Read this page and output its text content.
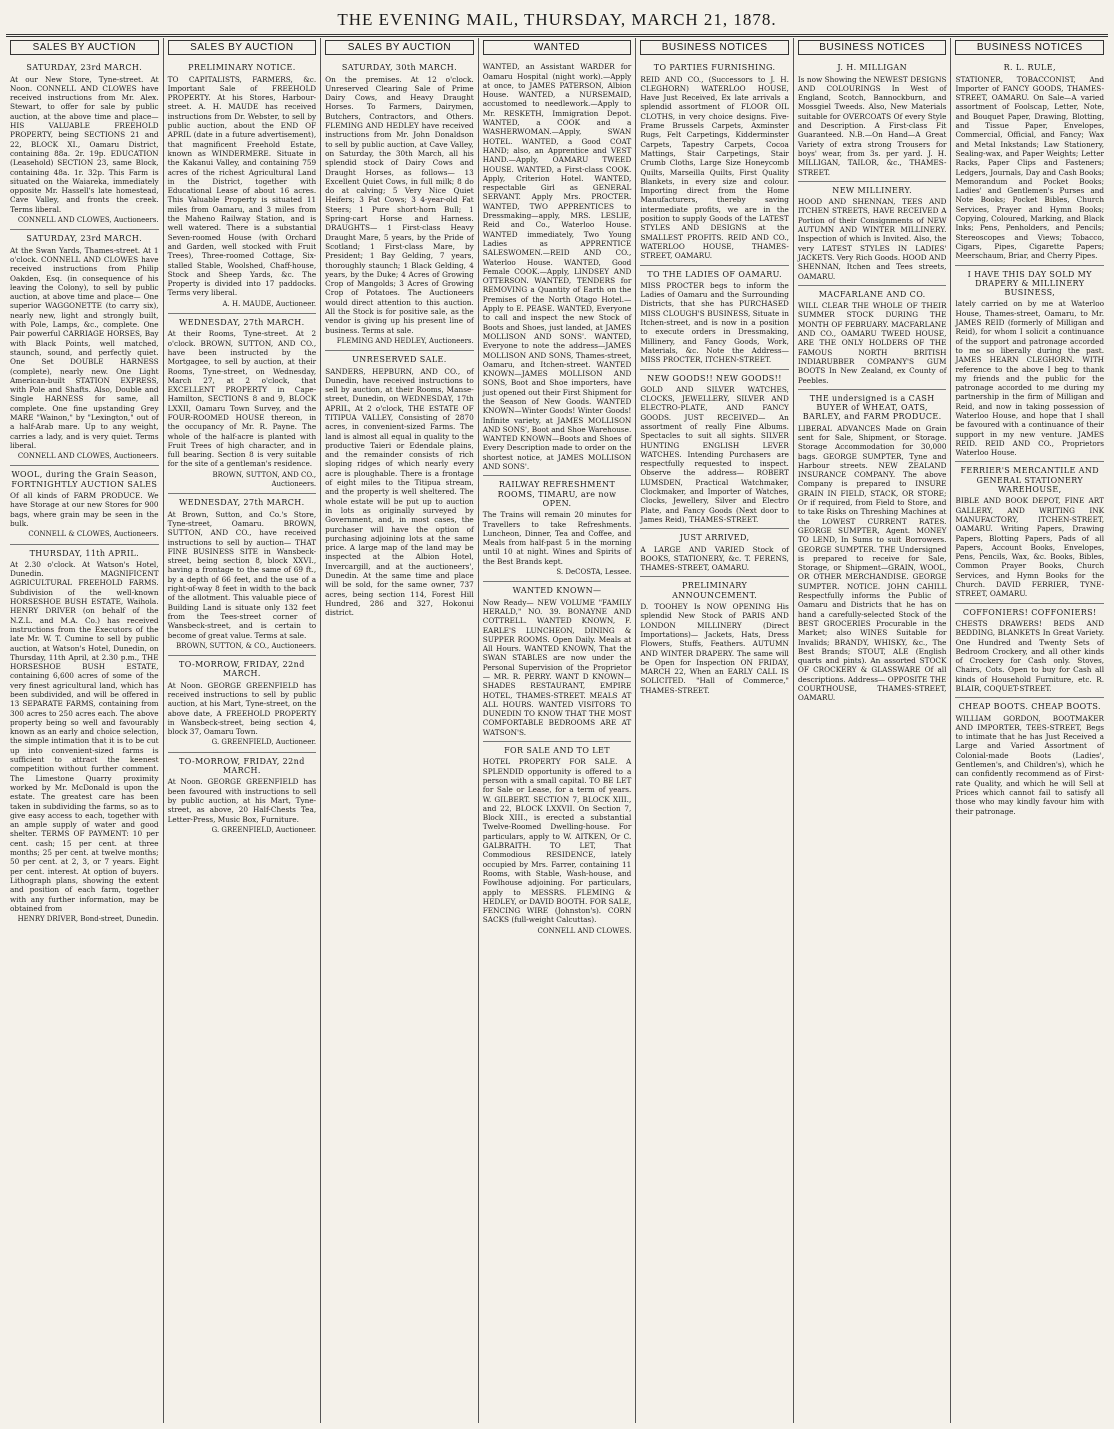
THE EVENING MAIL, THURSDAY, MARCH 21, 1878.
SALES BY AUCTION
SATURDAY, 23rd MARCH.
At our New Store, Tyne-street. At Noon. CONNELL AND CLOWES have received instructions from Mr. Alex. Stewart, to offer for sale by public auction, at the above time and place— HIS VALUABLE FREEHOLD PROPERTY, being SECTIONS 21 and 22, BLOCK XI., Oamaru District, containing 88a. 2r. 19p. EDUCATION (Leasehold) SECTION 23, same Block, containing 48a. 1r. 32p. This Farm is situated on the Waiareka, immediately opposite Mr. Hassell's late homestead, Cave Valley, and fronts the creek. Terms liberal.
CONNELL AND CLOWES, Auctioneers.
SATURDAY, 23rd MARCH.
At the Swan Yards, Thames-street. At 1 o'clock. CONNELL AND CLOWES have received instructions from Philip Oakden, Esq. (in consequence of his leaving the Colony), to sell by public auction, at above time and place— One superior WAGGONETTE (to carry six), nearly new, light and strongly built, with Pole, Lamps, &c., complete. One Pair powerful CARRIAGE HORSES, Bay with Black Points, well matched, staunch, sound, and perfectly quiet. One Set DOUBLE HARNESS (complete), nearly new. One Light American-built STATION EXPRESS, with Pole and Shafts. Also, Double and Single HARNESS for same, all complete. One fine upstanding Grey MARE "Wainon," by "Lexington," out of a half-Arab mare. Up to any weight, carries a lady, and is very quiet. Terms liberal.
CONNELL AND CLOWES, Auctioneers.
WOOL, during the Grain Season, FORTNIGHTLY AUCTION SALES
Of all kinds of FARM PRODUCE. We have Storage at our new Stores for 900 bags, where grain may be seen in the bulk.
CONNELL & CLOWES, Auctioneers.
THURSDAY, 11th APRIL.
At 2.30 o'clock. At Watson's Hotel, Dunedin. MAGNIFICENT AGRICULTURAL FREEHOLD FARMS. Subdivision of the well-known HORSESHOE BUSH ESTATE, Waihola. HENRY DRIVER (on behalf of the N.Z.L. and M.A. Co.) has received instructions from the Executors of the late Mr. W. T. Cumine to sell by public auction, at Watson's Hotel, Dunedin, on Thursday, 11th April, at 2.30 p.m., THE HORSESHOE BUSH ESTATE, containing 6,600 acres of some of the very finest agricultural land, which has been subdivided, and will be offered in 13 SEPARATE FARMS, containing from 300 acres to 250 acres each. The above property being so well and favourably known as an early and choice selection, the simple intimation that it is to be cut up into convenient-sized farms is sufficient to attract the keenest competition without further comment. The Limestone Quarry proximity worked by Mr. McDonald is upon the estate. The greatest care has been taken in subdividing the farms, so as to give easy access to each, together with an ample supply of water and good shelter. TERMS OF PAYMENT: 10 per cent. cash; 15 per cent. at three months; 25 per cent. at twelve months; 50 per cent. at 2, 3, or 7 years. Eight per cent. interest. At option of buyers. Lithograph plans, showing the extent and position of each farm, together with any further information, may be obtained from
HENRY DRIVER, Bond-street, Dunedin.
SALES BY AUCTION
PRELIMINARY NOTICE.
TO CAPITALISTS, FARMERS, &c. Important Sale of FREEHOLD PROPERTY. At his Stores, Harbour-street. A. H. MAUDE has received instructions from Dr. Webster, to sell by public auction, about the END OF APRIL (date in a future advertisement), that magnificent Freehold Estate, known as WINDERMERE. Situate in the Kakanui Valley, and containing 759 acres of the richest Agricultural Land in the District, together with Educational Lease of about 16 acres. This Valuable Property is situated 11 miles from Oamaru, and 3 miles from the Maheno Railway Station, and is well watered. There is a substantial Seven-roomed House (with Orchard and Garden, well stocked with Fruit Trees), Three-roomed Cottage, Six-stalled Stable, Woolshed, Chaff-house, Stock and Sheep Yards, &c. The Property is divided into 17 paddocks. Terms very liberal.
A. H. MAUDE, Auctioneer.
WEDNESDAY, 27th MARCH.
At their Rooms, Tyne-street. At 2 o'clock. BROWN, SUTTON, AND CO., have been instructed by the Mortgagee, to sell by auction, at their Rooms, Tyne-street, on Wednesday, March 27, at 2 o'clock, that EXCELLENT PROPERTY in Cape-Hamilton, SECTIONS 8 and 9, BLOCK LXXII, Oamaru Town Survey, and the FOUR-ROOMED HOUSE thereon, in the occupancy of Mr. R. Payne. The whole of the half-acre is planted with Fruit Trees of high character, and in full bearing. Section 8 is very suitable for the site of a gentleman's residence.
BROWN, SUTTON, AND CO., Auctioneers.
WEDNESDAY, 27th MARCH.
At Brown, Sutton, and Co.'s Store, Tyne-street, Oamaru. BROWN, SUTTON, AND CO., have received instructions to sell by auction— THAT FINE BUSINESS SITE in Wansbeck-street, being section 8, block XXVI., having a frontage to the same of 69 ft., by a depth of 66 feet, and the use of a right-of-way 8 feet in width to the back of the allotment. This valuable piece of Building Land is situate only 132 feet from the Tees-street corner of Wansbeck-street, and is certain to become of great value. Terms at sale.
BROWN, SUTTON, & CO., Auctioneers.
TO-MORROW, FRIDAY, 22nd MARCH.
At Noon. GEORGE GREENFIELD has received instructions to sell by public auction, at his Mart, Tyne-street, on the above date, A FREEHOLD PROPERTY in Wansbeck-street, being section 4, block 37, Oamaru Town.
G. GREENFIELD, Auctioneer.
TO-MORROW, FRIDAY, 22nd MARCH.
At Noon. GEORGE GREENFIELD has been favoured with instructions to sell by public auction, at his Mart, Tyne-street, as above, 20 Half-Chests Tea, Letter-Press, Music Box, Furniture.
G. GREENFIELD, Auctioneer.
SALES BY AUCTION
SATURDAY, 30th MARCH.
On the premises. At 12 o'clock. Unreserved Clearing Sale of Prime Dairy Cows, and Heavy Draught Horses. To Farmers, Dairymen, Butchers, Contractors, and Others. FLEMING AND HEDLEY have received instructions from Mr. John Donaldson to sell by public auction, at Cave Valley, on Saturday, the 30th March, all his splendid stock of Dairy Cows and Draught Horses, as follows— 13 Excellent Quiet Cows, in full milk; 8 do do at calving; 5 Very Nice Quiet Heifers; 3 Fat Cows; 3 4-year-old Fat Steers; 1 Pure short-horn Bull; 1 Spring-cart Horse and Harness. DRAUGHTS— 1 First-class Heavy Draught Mare, 5 years, by the Pride of Scotland; 1 First-class Mare, by President; 1 Bay Gelding, 7 years, thoroughly staunch; 1 Black Gelding, 4 years, by the Duke; 4 Acres of Growing Crop of Mangolds; 3 Acres of Growing Crop of Potatoes. The Auctioneers would direct attention to this auction. All the Stock is for positive sale, as the vendor is giving up his present line of business. Terms at sale.
FLEMING AND HEDLEY, Auctioneers.
UNRESERVED SALE.
SANDERS, HEPBURN, AND CO., of Dunedin, have received instructions to sell by auction, at their Rooms, Manse-street, Dunedin, on WEDNESDAY, 17th APRIL, At 2 o'clock, THE ESTATE OF TITIPUA VALLEY, Consisting of 2870 acres, in convenient-sized Farms. The land is almost all equal in quality to the productive Taieri or Edendale plains, and the remainder consists of rich sloping ridges of which nearly every acre is ploughable. There is a frontage of eight miles to the Titipua stream, and the property is well sheltered. The whole estate will be put up to auction in lots as originally surveyed by Government, and, in most cases, the purchaser will have the option of purchasing adjoining lots at the same price. A large map of the land may be inspected at the Albion Hotel, Invercargill, and at the auctioneers', Dunedin. At the same time and place will be sold, for the same owner, 737 acres, being section 114, Forest Hill Hundred, 286 and 327, Hokonui district.
WANTED
WANTED, an Assistant WARDER for Oamaru Hospital (night work).—Apply at once, to JAMES PATERSON, Albion House. WANTED, a NURSEMAID, accustomed to needlework.—Apply to Mr. RESKETH, Immigration Depot. WANTED, a COOK and a WASHERWOMAN.—Apply, SWAN HOTEL. WANTED, a Good COAT HAND; also, an Apprentice and VEST HAND.—Apply, OAMARU TWEED HOUSE. WANTED, a First-class COOK. Apply, Criterion Hotel. WANTED, respectable Girl as GENERAL SERVANT. Apply Mrs. PROCTER. WANTED, TWO APPRENTICES to Dressmaking—apply, MRS. LESLIE, Reid and Co., Waterloo House. WANTED immediately, Two Young Ladies as APPRENTICE SALESWOMEN.—REID AND CO., Waterloo House. WANTED, Good Female COOK.—Apply, LINDSEY AND OTTERSON. WANTED, TENDERS for REMOVING a Quantity of Earth on the Premises of the North Otago Hotel.—Apply to E. PEASE. WANTED, Everyone to call and inspect the new Stock of Boots and Shoes, just landed, at JAMES MOLLISON AND SONS'. WANTED, Everyone to note the address—JAMES MOLLISON AND SONS, Thames-street, Oamaru, and Itchen-street. WANTED KNOWN—JAMES MOLLISON AND SONS, Boot and Shoe importers, have just opened out their First Shipment for the Season of New Goods. WANTED KNOWN—Winter Goods! Winter Goods! Infinite variety, at JAMES MOLLISON AND SONS', Boot and Shoe Warehouse. WANTED KNOWN—Boots and Shoes of Every Description made to order on the shortest notice, at JAMES MOLLISON AND SONS'.
RAILWAY REFRESHMENT ROOMS, TIMARU, are now OPEN.
The Trains will remain 20 minutes for Travellers to take Refreshments. Luncheon, Dinner, Tea and Coffee, and Meals from half-past 5 in the morning until 10 at night. Wines and Spirits of the Best Brands kept.
S. DeCOSTA, Lessee.
WANTED KNOWN—
Now Ready— NEW VOLUME "FAMILY HERALD," NO. 39. BONAYNE AND COTTRELL. WANTED KNOWN, F. EARLE'S LUNCHEON, DINING & SUPPER ROOMS. Open Daily. Meals at All Hours. WANTED KNOWN, That the SWAN STABLES are now under the Personal Supervision of the Proprietor— MR. R. PERRY. WANT D KNOWN—SHADES RESTAURANT, EMPIRE HOTEL, THAMES-STREET. MEALS AT ALL HOURS. WANTED VISITORS TO DUNEDIN TO KNOW THAT THE MOST COMFORTABLE BEDROOMS ARE AT WATSON'S.
FOR SALE AND TO LET
HOTEL PROPERTY FOR SALE. A SPLENDID opportunity is offered to a person with a small capital. TO BE LET for Sale or Lease, for a term of years. W. GILBERT. SECTION 7, BLOCK XIII., and 22, BLOCK LXXVII. On Section 7, Block XIII., is erected a substantial Twelve-Roomed Dwelling-house. For particulars, apply to W. AITKEN, Or C. GALBRAITH. TO LET, That Commodious RESIDENCE, lately occupied by Mrs. Farrer, containing 11 Rooms, with Stable, Wash-house, and Fowlhouse adjoining. For particulars, apply to MESSRS. FLEMING & HEDLEY, or DAVID BOOTH. FOR SALE, FENCING WIRE (Johnston's). CORN SACKS (full-weight Calcuttas).
CONNELL AND CLOWES.
BUSINESS NOTICES
TO PARTIES FURNISHING.
REID AND CO., (Successors to J. H. CLEGHORN) WATERLOO HOUSE, Have Just Received, Ex late arrivals a splendid assortment of FLOOR OIL CLOTHS, in very choice designs. Five-Frame Brussels Carpets, Axminster Rugs, Felt Carpetings, Kidderminster Carpets, Tapestry Carpets, Cocoa Mattings, Stair Carpetings, Stair Crumb Cloths, Large Size Honeycomb Quilts, Marseilla Quilts, First Quality Blankets, in every size and colour. Importing direct from the Home Manufacturers, thereby saving intermediate profits, we are in the position to supply Goods of the LATEST STYLES AND DESIGNS at the SMALLEST PROFITS. REID AND CO., WATERLOO HOUSE, THAMES-STREET, OAMARU.
TO THE LADIES OF OAMARU.
MISS PROCTER begs to inform the Ladies of Oamaru and the Surrounding Districts, that she has PURCHASED MISS CLOUGH'S BUSINESS, Situate in Itchen-street, and is now in a position to execute orders in Dressmaking, Millinery, and Fancy Goods, Work, Materials, &c. Note the Address— MISS PROCTER, ITCHEN-STREET.
NEW GOODS!! NEW GOODS!!
GOLD AND SILVER WATCHES, CLOCKS, JEWELLERY, SILVER AND ELECTRO-PLATE, AND FANCY GOODS. JUST RECEIVED— An assortment of really Fine Albums. Spectacles to suit all sights. SILVER HUNTING ENGLISH LEVER WATCHES. Intending Purchasers are respectfully requested to inspect. Observe the address— ROBERT LUMSDEN, Practical Watchmaker, Clockmaker, and Importer of Watches, Clocks, Jewellery, Silver and Electro Plate, and Fancy Goods (Next door to James Reid), THAMES-STREET.
JUST ARRIVED,
A LARGE AND VARIED Stock of BOOKS, STATIONERY, &c. T. FERENS, THAMES-STREET, OAMARU.
PRELIMINARY ANNOUNCEMENT.
D. TOOHEY Is NOW OPENING His splendid New Stock of PARIS AND LONDON MILLINERY (Direct Importations)— Jackets, Hats, Dress Flowers, Stuffs, Feathers. AUTUMN AND WINTER DRAPERY. The same will be Open for Inspection ON FRIDAY, MARCH 22, When an EARLY CALL IS SOLICITED. "Hall of Commerce," THAMES-STREET.
BUSINESS NOTICES
J. H. MILLIGAN
Is now Showing the NEWEST DESIGNS AND COLOURINGS In West of England, Scotch, Bannockburn, and Mossgiel Tweeds. Also, New Materials suitable for OVERCOATS Of every Style and Description. A First-class Fit Guaranteed. N.B.—On Hand—A Great Variety of extra strong Trousers for boys' wear, from 3s. per yard. J. H. MILLIGAN, TAILOR, &c., THAMES-STREET.
NEW MILLINERY.
HOOD AND SHENNAN, TEES AND ITCHEN STREETS, HAVE RECEIVED A Portion of their Consignments of NEW AUTUMN AND WINTER MILLINERY. Inspection of which is Invited. Also, the very LATEST STYLES IN LADIES' JACKETS. Very Rich Goods. HOOD AND SHENNAN, Itchen and Tees streets, OAMARU.
MACFARLANE AND CO.
WILL CLEAR THE WHOLE OF THEIR SUMMER STOCK DURING THE MONTH OF FEBRUARY. MACFARLANE AND CO., OAMARU TWEED HOUSE, ARE THE ONLY HOLDERS OF THE FAMOUS NORTH BRITISH INDIARUBBER COMPANY'S GUM BOOTS In New Zealand, ex County of Peebles.
THE undersigned is a CASH BUYER of WHEAT, OATS, BARLEY, and FARM PRODUCE.
LIBERAL ADVANCES Made on Grain sent for Sale, Shipment, or Storage. Storage Accommodation for 30,000 bags. GEORGE SUMPTER, Tyne and Harbour streets. NEW ZEALAND INSURANCE COMPANY. The above Company is prepared to INSURE GRAIN IN FIELD, STACK, OR STORE; Or if required, from Field to Store, and to take Risks on Threshing Machines at the LOWEST CURRENT RATES. GEORGE SUMPTER, Agent. MONEY TO LEND, In Sums to suit Borrowers. GEORGE SUMPTER. THE Undersigned is prepared to receive for Sale, Storage, or Shipment—GRAIN, WOOL, OR OTHER MERCHANDISE. GEORGE SUMPTER. NOTICE. JOHN CAHILL Respectfully informs the Public of Oamaru and Districts that he has on hand a carefully-selected Stock of the BEST GROCERIES Procurable in the Market; also WINES Suitable for Invalids; BRANDY, WHISKY, &c., The Best Brands; STOUT, ALE (English quarts and pints). An assorted STOCK OF CROCKERY & GLASSWARE Of all descriptions. Address— OPPOSITE THE COURTHOUSE, THAMES-STREET, OAMARU.
BUSINESS NOTICES
R. L. RULE,
STATIONER, TOBACCONIST, And Importer of FANCY GOODS, THAMES-STREET, OAMARU. On Sale—A varied assortment of Foolscap, Letter, Note, and Bouquet Paper, Drawing, Blotting, and Tissue Paper, Envelopes, Commercial, Official, and Fancy; Wax and Metal Inkstands; Law Stationery, Sealing-wax, and Paper Weights; Letter Racks, Paper Clips and Fasteners; Ledgers, Journals, Day and Cash Books; Memorandum and Pocket Books; Ladies' and Gentlemen's Purses and Note Books; Pocket Bibles, Church Services, Prayer and Hymn Books; Copying, Coloured, Marking, and Black Inks; Pens, Penholders, and Pencils; Stereoscopes and Views; Tobacco, Cigars, Pipes, Cigarette Papers; Meerschaum, Briar, and Cherry Pipes.
I HAVE THIS DAY SOLD MY DRAPERY & MILLINERY BUSINESS,
lately carried on by me at Waterloo House, Thames-street, Oamaru, to Mr. JAMES REID (formerly of Milligan and Reid), for whom I solicit a continuance of the support and patronage accorded to me so liberally during the past. JAMES HEARN CLEGHORN. WITH reference to the above I beg to thank my friends and the public for the patronage accorded to me during my partnership in the firm of Milligan and Reid, and now in taking possession of Waterloo House, and hope that I shall be favoured with a continuance of their support in my new venture. JAMES REID. REID AND CO., Proprietors Waterloo House.
FERRIER'S MERCANTILE AND GENERAL STATIONERY WAREHOUSE,
BIBLE AND BOOK DEPOT, FINE ART GALLERY, AND WRITING INK MANUFACTORY, ITCHEN-STREET, OAMARU. Writing Papers, Drawing Papers, Blotting Papers, Pads of all Papers, Account Books, Envelopes, Pens, Pencils, Wax, &c. Books, Bibles, Common Prayer Books, Church Services, and Hymn Books for the Church. DAVID FERRIER, TYNE-STREET, OAMARU.
COFFONIERS! COFFONIERS!
CHESTS DRAWERS! BEDS AND BEDDING, BLANKETS In Great Variety. One Hundred and Twenty Sets of Bedroom Crockery, and all other kinds of Crockery for Cash only. Stoves, Chairs, Cots. Open to buy for Cash all kinds of Household Furniture, etc. R. BLAIR, COQUET-STREET.
CHEAP BOOTS. CHEAP BOOTS.
WILLIAM GORDON, BOOTMAKER AND IMPORTER, TEES-STREET, Begs to intimate that he has Just Received a Large and Varied Assortment of Colonial-made Boots (Ladies', Gentlemen's, and Children's), which he can confidently recommend as of First-rate Quality, and which he will Sell at Prices which cannot fail to satisfy all those who may kindly favour him with their patronage.
